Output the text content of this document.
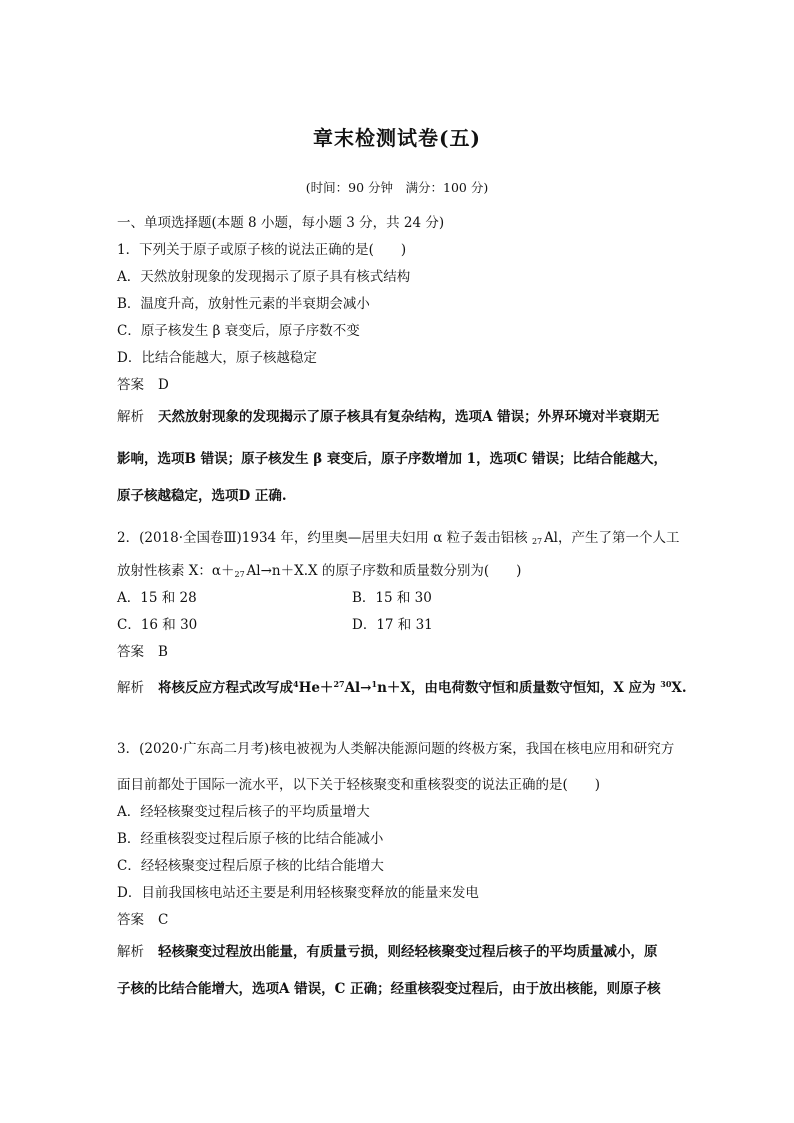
章末检测试卷(五)
(时间：90 分钟　满分：100 分)
一、单项选择题(本题 8 小题，每小题 3 分，共 24 分)
1．下列关于原子或原子核的说法正确的是(　　)
A．天然放射现象的发现揭示了原子具有核式结构
B．温度升高，放射性元素的半衰期会减小
C．原子核发生 β 衰变后，原子序数不变
D．比结合能越大，原子核越稳定
答案 D
解析 天然放射现象的发现揭示了原子核具有复杂结构，选项A 错误；外界环境对半衰期无
影响，选项B 错误；原子核发生 β 衰变后，原子序数增加 1，选项C 错误；比结合能越大，
原子核越稳定，选项D 正确.
2．(2018·全国卷Ⅲ)1934 年，约里奥—居里夫妇用 α 粒子轰击铝核 27 Al，产生了第一个人工
放射性核素 X：α＋ 27 Al→n＋X.X 的原子序数和质量数分别为(　　)
A．15 和 28	B．15 和 30
C．16 和 30	D．17 和 31
答案 B
解析 将核反应方程式改写成$^4$He＋$^{27}$Al→$^1$n＋X，由电荷数守恒和质量数守恒知，X 应为 $^{30}$X.
3．(2020·广东高二月考)核电被视为人类解决能源问题的终极方案，我国在核电应用和研究方
面目前都处于国际一流水平，以下关于轻核聚变和重核裂变的说法正确的是(　　)
A．经轻核聚变过程后核子的平均质量增大
B．经重核裂变过程后原子核的比结合能减小
C．经轻核聚变过程后原子核的比结合能增大
D．目前我国核电站还主要是利用轻核聚变释放的能量来发电
答案 C
解析 轻核聚变过程放出能量，有质量亏损，则经轻核聚变过程后核子的平均质量减小，原
子核的比结合能增大，选项A 错误，C 正确；经重核裂变过程后，由于放出核能，则原子核
